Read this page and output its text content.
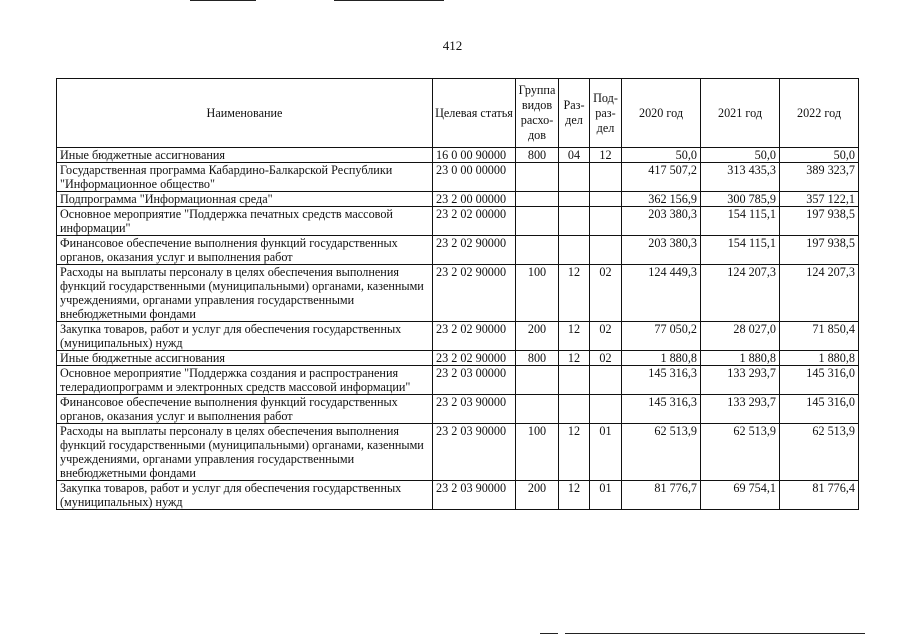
412
Наименование	Целевая статья	Группа видов расхо- дов	Раз- дел	Под- раз- дел	2020 год	2021 год	2022 год
Иные бюджетные ассигнования	16 0 00 90000	800	04	12	50,0	50,0	50,0
Государственная программа Кабардино-Балкарской Республики "Информационное общество"	23 0 00 00000				417 507,2	313 435,3	389 323,7
Подпрограмма "Информационная среда"	23 2 00 00000				362 156,9	300 785,9	357 122,1
Основное мероприятие "Поддержка печатных средств массовой информации"	23 2 02 00000				203 380,3	154 115,1	197 938,5
Финансовое обеспечение выполнения функций государственных органов, оказания услуг и выполнения работ	23 2 02 90000				203 380,3	154 115,1	197 938,5
Расходы на выплаты персоналу в целях обеспечения выполнения функций государственными (муниципальными) органами, казенными учреждениями, органами управления государственными внебюджетными фондами	23 2 02 90000	100	12	02	124 449,3	124 207,3	124 207,3
Закупка товаров, работ и услуг для обеспечения государственных (муниципальных) нужд	23 2 02 90000	200	12	02	77 050,2	28 027,0	71 850,4
Иные бюджетные ассигнования	23 2 02 90000	800	12	02	1 880,8	1 880,8	1 880,8
Основное мероприятие "Поддержка создания и распространения телерадиопрограмм и электронных средств массовой информации"	23 2 03 00000				145 316,3	133 293,7	145 316,0
Финансовое обеспечение выполнения функций государственных органов, оказания услуг и выполнения работ	23 2 03 90000				145 316,3	133 293,7	145 316,0
Расходы на выплаты персоналу в целях обеспечения выполнения функций государственными (муниципальными) органами, казенными учреждениями, органами управления государственными внебюджетными фондами	23 2 03 90000	100	12	01	62 513,9	62 513,9	62 513,9
Закупка товаров, работ и услуг для обеспечения государственных (муниципальных) нужд	23 2 03 90000	200	12	01	81 776,7	69 754,1	81 776,4
